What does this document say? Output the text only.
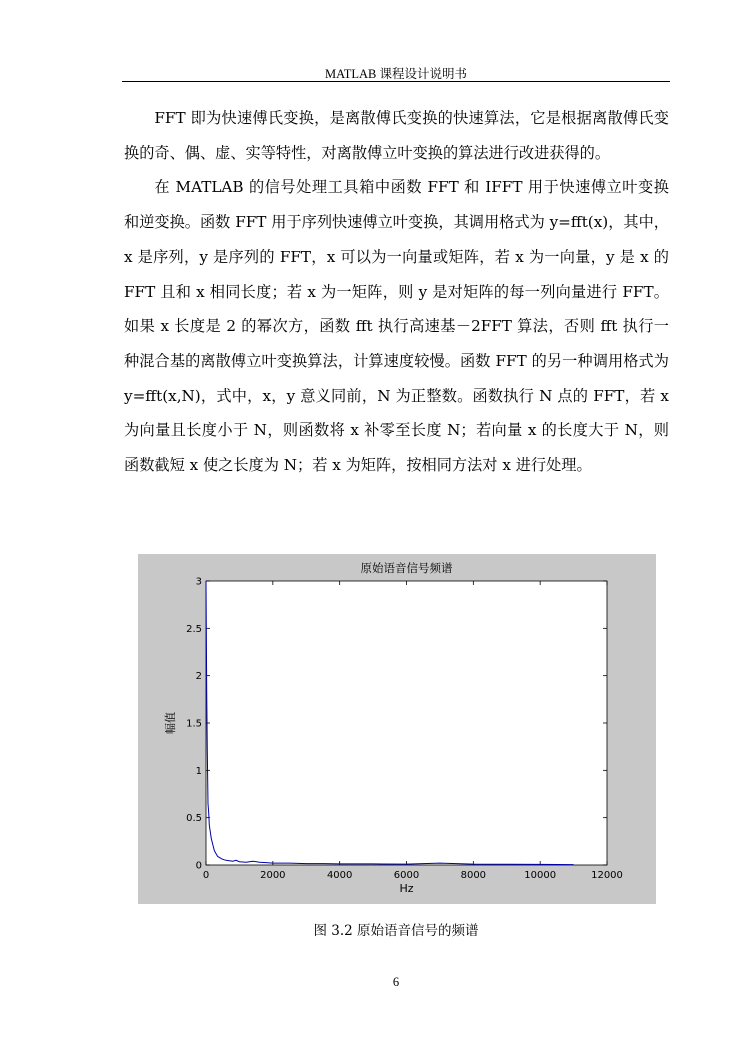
MATLAB 课程设计说明书

FFT 即为快速傅氏变换，是离散傅氏变换的快速算法，它是根据离散傅氏变换的奇、偶、虚、实等特性，对离散傅立叶变换的算法进行改进获得的。

在 MATLAB 的信号处理工具箱中函数 FFT 和 IFFT 用于快速傅立叶变换和逆变换。函数 FFT 用于序列快速傅立叶变换，其调用格式为 y=fft(x)，其中，x 是序列，y 是序列的 FFT，x 可以为一向量或矩阵，若 x 为一向量，y 是 x 的 FFT 且和 x 相同长度；若 x 为一矩阵，则 y 是对矩阵的每一列向量进行 FFT。如果 x 长度是 2 的幂次方，函数 fft 执行高速基－2FFT 算法，否则 fft 执行一种混合基的离散傅立叶变换算法，计算速度较慢。函数 FFT 的另一种调用格式为 y=fft(x,N)，式中，x，y 意义同前，N 为正整数。函数执行 N 点的 FFT，若 x 为向量且长度小于 N，则函数将 x 补零至长度 N；若向量 x 的长度大于 N，则函数截短 x 使之长度为 N；若 x 为矩阵，按相同方法对 x 进行处理。

原始语音信号频谱
Hz
幅值
0	2000	4000	6000	8000	10000	12000
0
0.5
1
1.5
2
2.5
3
图 3.2 原始语音信号的频谱
6
